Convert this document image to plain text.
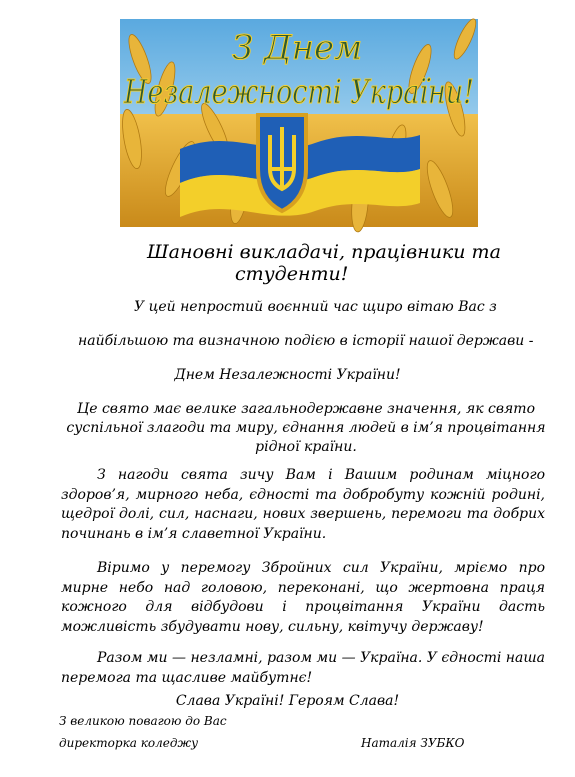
З Днем
Незалежності України!
Шановні викладачі, працівники та
студенти!
У цей непростий воєнний час щиро вітаю Вас з
найбільшою та визначною подією в історії нашої держави -
Днем Незалежності України!
Це свято має велике загальнодержавне значення, як свято суспільної злагоди та миру, єднання людей в ім’я процвітання рідної країни.
З нагоди свята зичу Вам і Вашим родинам міцного здоров’я, мирного неба, єдності та добробуту кожній родині, щедрої долі, сил, наснаги, нових звершень, перемоги та добрих починань в ім’я славетної України.
Віримо у перемогу Збройних сил України, мріємо про мирне небо над головою, переконані, що жертовна праця кожного для відбудови і процвітання України дасть можливість збудувати нову, сильну, квітучу державу!
Разом ми — незламні, разом ми — Україна. У єдності наша перемога та щасливе майбутнє!
Слава Україні! Героям Слава!
З великою повагою до Вас
директорка коледжу	Наталія ЗУБКО
